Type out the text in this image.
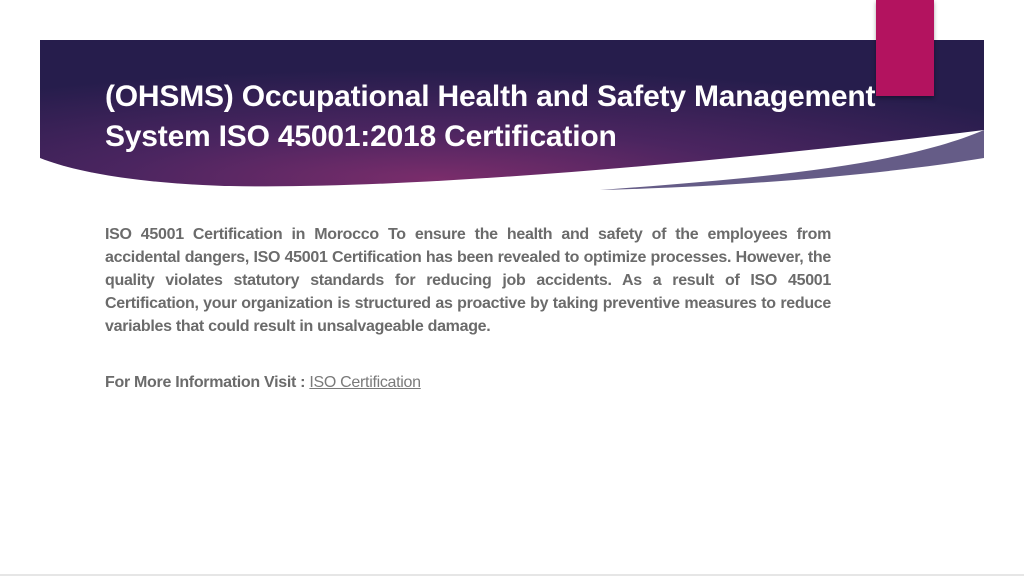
(OHSMS) Occupational Health and Safety Management System ISO 45001:2018 Certification

ISO 45001 Certification in Morocco To ensure the health and safety of the employees from accidental dangers, ISO 45001 Certification has been revealed to optimize processes. However, the quality violates statutory standards for reducing job accidents. As a result of ISO 45001 Certification, your organization is structured as proactive by taking preventive measures to reduce variables that could result in unsalvageable damage.

For More Information Visit : ISO Certification
